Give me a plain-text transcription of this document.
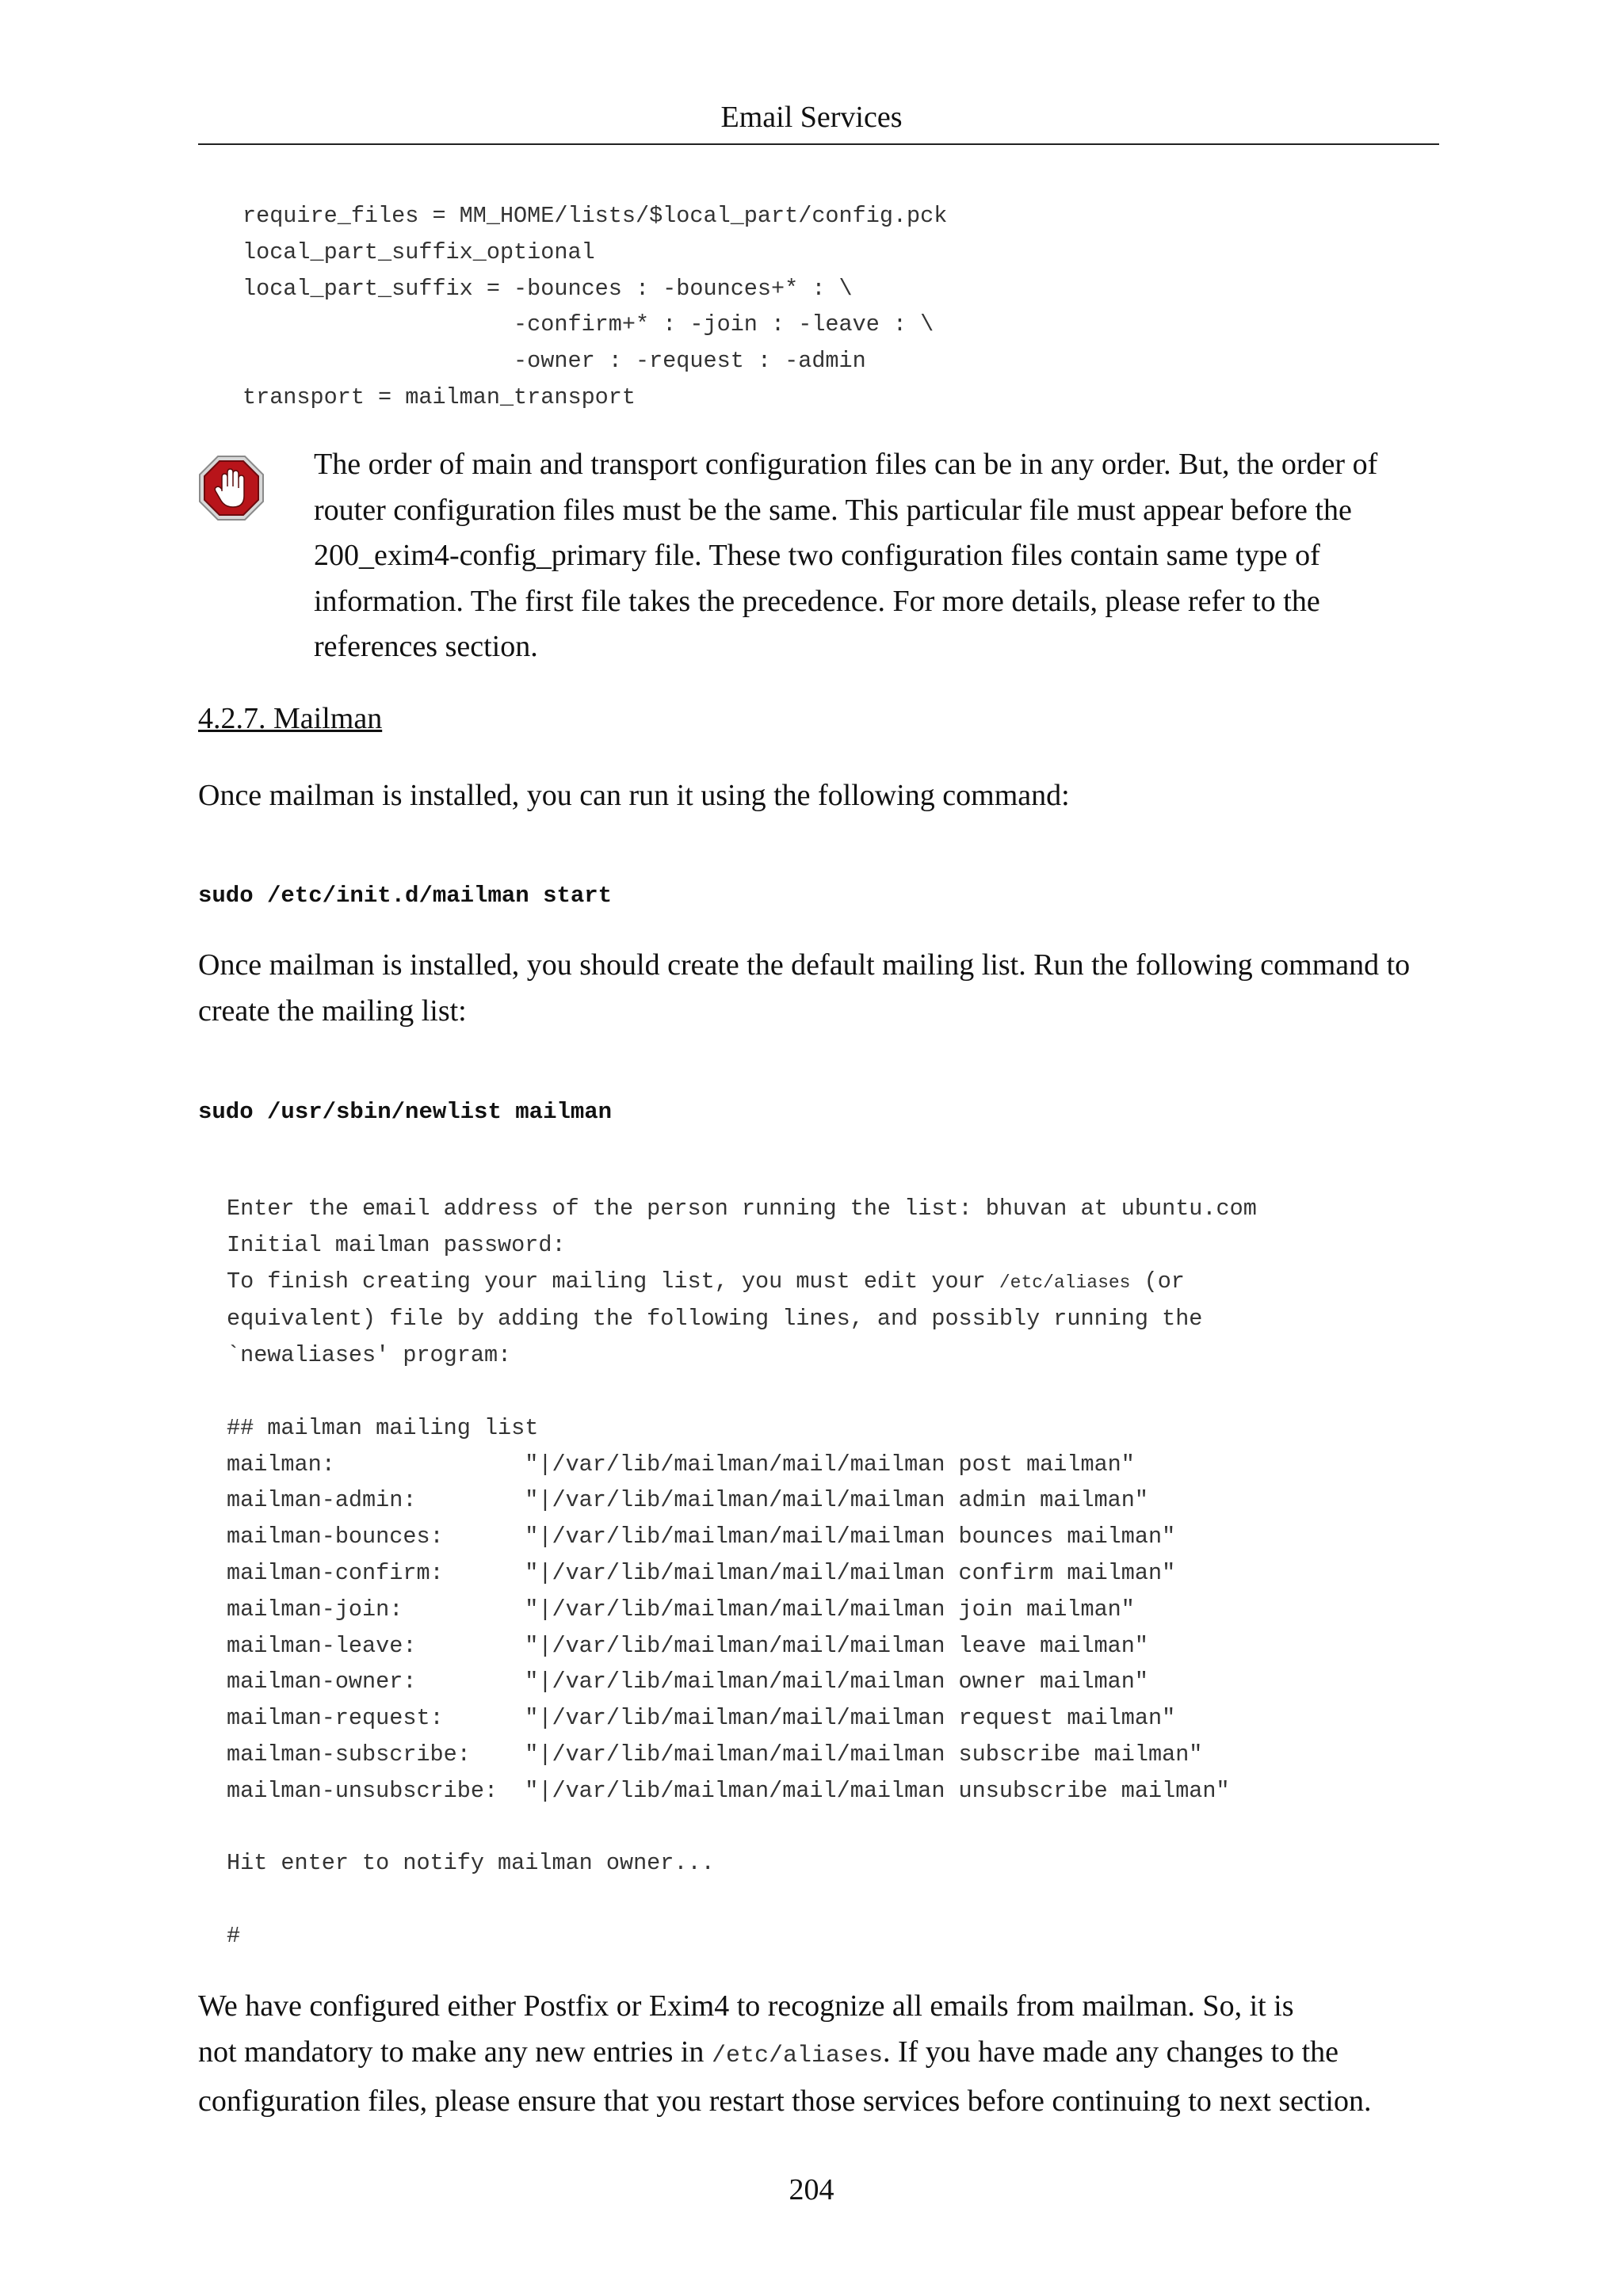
Email Services
require_files = MM_HOME/lists/$local_part/config.pck
local_part_suffix_optional
local_part_suffix = -bounces : -bounces+* : \
-confirm+* : -join : -leave : \
-owner : -request : -admin
transport = mailman_transport

The order of main and transport configuration files can be in any order. But, the order of router configuration files must be the same. This particular file must appear before the 200_exim4-config_primary file. These two configuration files contain same type of information. The first file takes the precedence. For more details, please refer to the references section.

4.2.7. Mailman

Once mailman is installed, you can run it using the following command:

sudo /etc/init.d/mailman start

Once mailman is installed, you should create the default mailing list. Run the following command to create the mailing list:

sudo /usr/sbin/newlist mailman

Enter the email address of the person running the list: bhuvan at ubuntu.com
Initial mailman password:
To finish creating your mailing list, you must edit your /etc/aliases (or
equivalent) file by adding the following lines, and possibly running the
`newaliases' program:

## mailman mailing list
mailman:              "|/var/lib/mailman/mail/mailman post mailman"
mailman-admin:        "|/var/lib/mailman/mail/mailman admin mailman"
mailman-bounces:      "|/var/lib/mailman/mail/mailman bounces mailman"
mailman-confirm:      "|/var/lib/mailman/mail/mailman confirm mailman"
mailman-join:         "|/var/lib/mailman/mail/mailman join mailman"
mailman-leave:        "|/var/lib/mailman/mail/mailman leave mailman"
mailman-owner:        "|/var/lib/mailman/mail/mailman owner mailman"
mailman-request:      "|/var/lib/mailman/mail/mailman request mailman"
mailman-subscribe:    "|/var/lib/mailman/mail/mailman subscribe mailman"
mailman-unsubscribe:  "|/var/lib/mailman/mail/mailman unsubscribe mailman"

Hit enter to notify mailman owner...

#

We have configured either Postfix or Exim4 to recognize all emails from mailman. So, it is
not mandatory to make any new entries in /etc/aliases. If you have made any changes to the configuration files, please ensure that you restart those services before continuing to next section.

204
